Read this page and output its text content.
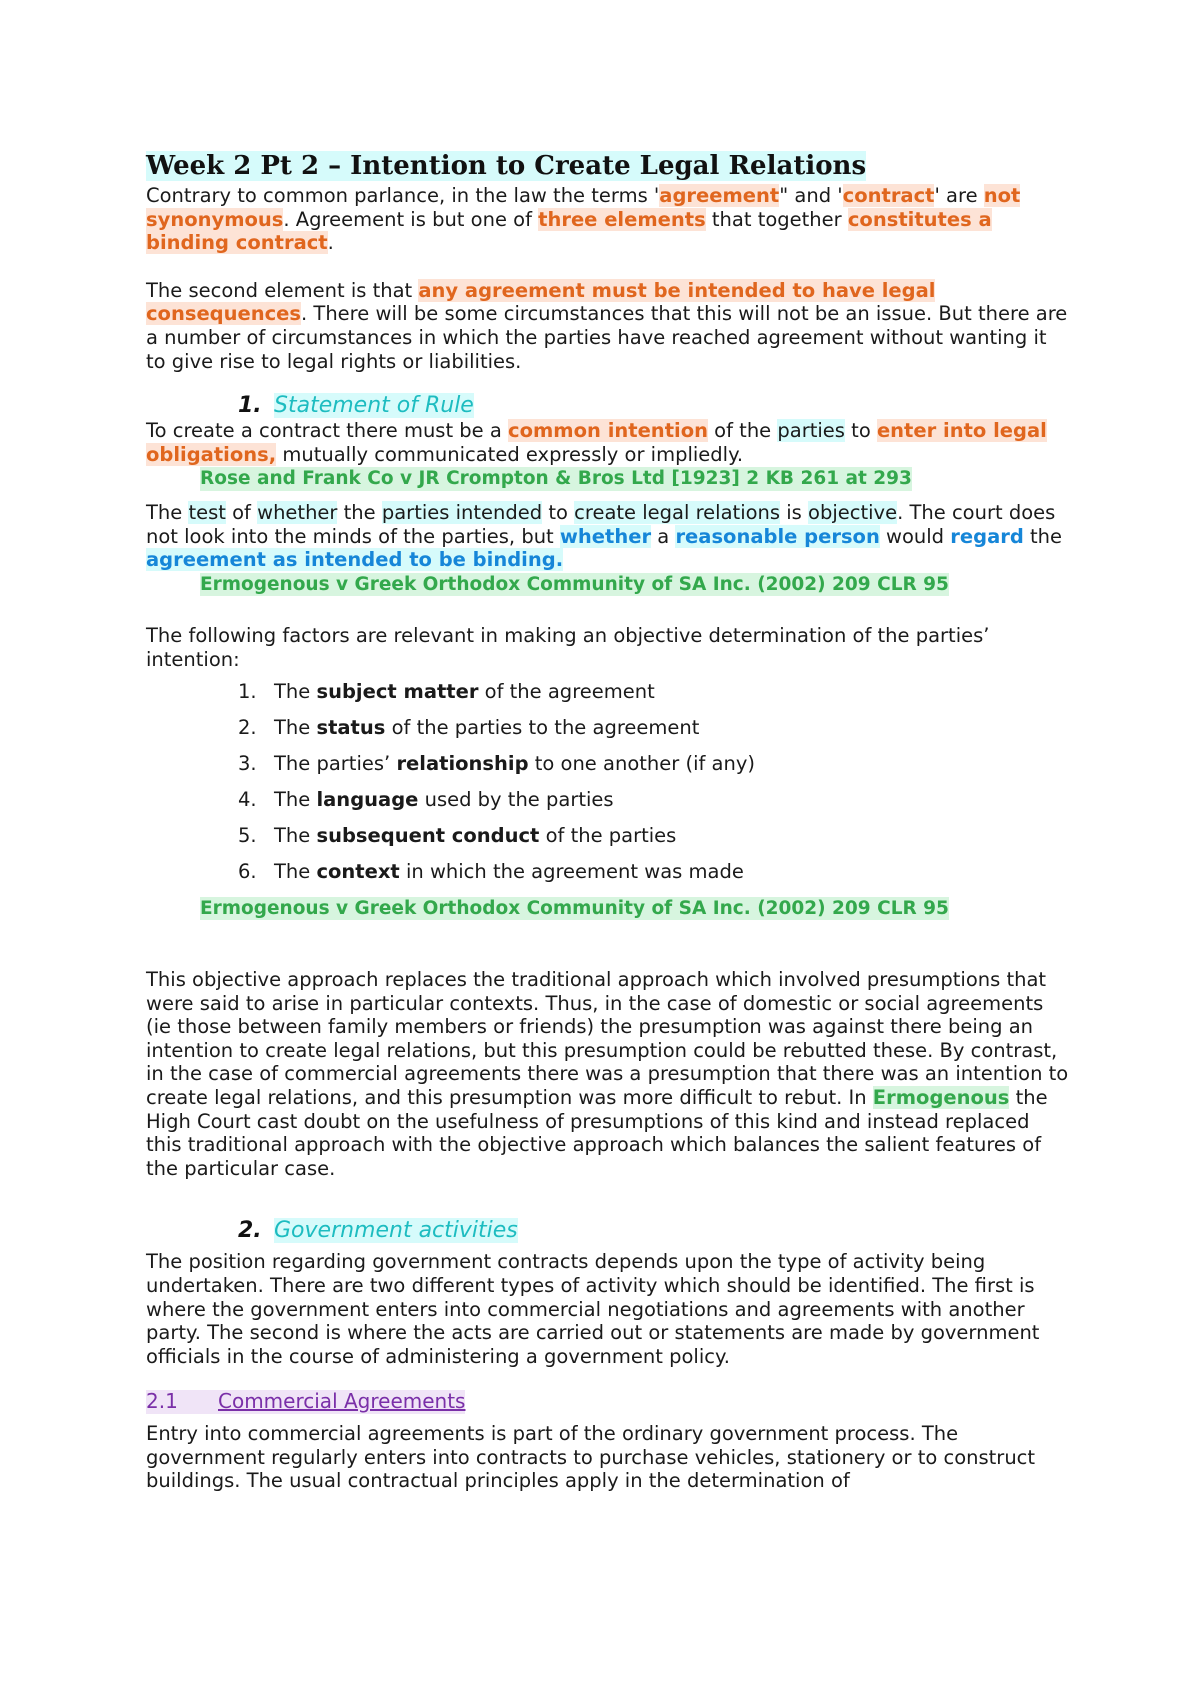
Week 2 Pt 2 – Intention to Create Legal Relations

Contrary to common parlance, in the law the terms 'agreement" and 'contract' are not synonymous. Agreement is but one of three elements that together constitutes a binding contract.

The second element is that any agreement must be intended to have legal consequences. There will be some circumstances that this will not be an issue. But there are a number of circumstances in which the parties have reached agreement without wanting it to give rise to legal rights or liabilities.

1. Statement of Rule

To create a contract there must be a common intention of the parties to enter into legal obligations, mutually communicated expressly or impliedly.

Rose and Frank Co v JR Crompton & Bros Ltd [1923] 2 KB 261 at 293

The test of whether the parties intended to create legal relations is objective. The court does not look into the minds of the parties, but whether a reasonable person would regard the agreement as intended to be binding.

Ermogenous v Greek Orthodox Community of SA Inc. (2002) 209 CLR 95

The following factors are relevant in making an objective determination of the parties’ intention:

1. The subject matter of the agreement
2. The status of the parties to the agreement
3. The parties’ relationship to one another (if any)
4. The language used by the parties
5. The subsequent conduct of the parties
6. The context in which the agreement was made
Ermogenous v Greek Orthodox Community of SA Inc. (2002) 209 CLR 95

This objective approach replaces the traditional approach which involved presumptions that were said to arise in particular contexts. Thus, in the case of domestic or social agreements (ie those between family members or friends) the presumption was against there being an intention to create legal relations, but this presumption could be rebutted these. By contrast, in the case of commercial agreements there was a presumption that there was an intention to create legal relations, and this presumption was more difficult to rebut. In Ermogenous the High Court cast doubt on the usefulness of presumptions of this kind and instead replaced this traditional approach with the objective approach which balances the salient features of the particular case.

2. Government activities

The position regarding government contracts depends upon the type of activity being undertaken. There are two different types of activity which should be identified. The first is where the government enters into commercial negotiations and agreements with another party. The second is where the acts are carried out or statements are made by government officials in the course of administering a government policy.

2.1 Commercial Agreements

Entry into commercial agreements is part of the ordinary government process. The government regularly enters into contracts to purchase vehicles, stationery or to construct buildings. The usual contractual principles apply in the determination of
